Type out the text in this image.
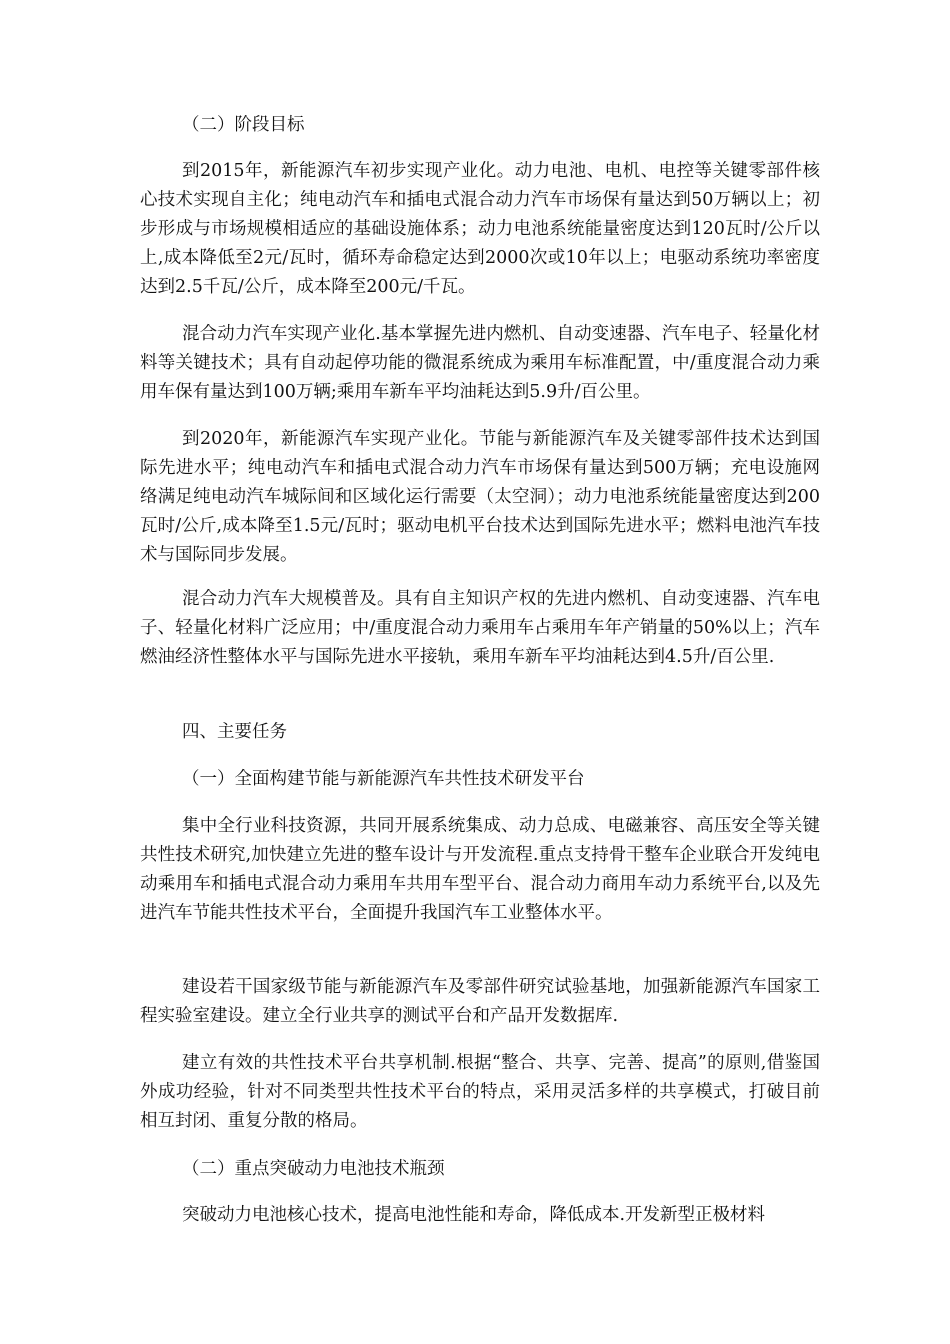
（二）阶段目标

到2015年，新能源汽车初步实现产业化。动力电池、电机、电控等关键零部件核心技术实现自主化；纯电动汽车和插电式混合动力汽车市场保有量达到50万辆以上；初步形成与市场规模相适应的基础设施体系；动力电池系统能量密度达到120瓦时/公斤以上,成本降低至2元/瓦时，循环寿命稳定达到2000次或10年以上；电驱动系统功率密度达到2.5千瓦/公斤，成本降至200元/千瓦。

混合动力汽车实现产业化.基本掌握先进内燃机、自动变速器、汽车电子、轻量化材料等关键技术；具有自动起停功能的微混系统成为乘用车标准配置，中/重度混合动力乘用车保有量达到100万辆;乘用车新车平均油耗达到5.9升/百公里。

到2020年，新能源汽车实现产业化。节能与新能源汽车及关键零部件技术达到国际先进水平；纯电动汽车和插电式混合动力汽车市场保有量达到500万辆；充电设施网络满足纯电动汽车城际间和区域化运行需要（太空洞）；动力电池系统能量密度达到200瓦时/公斤,成本降至1.5元/瓦时；驱动电机平台技术达到国际先进水平；燃料电池汽车技术与国际同步发展。

混合动力汽车大规模普及。具有自主知识产权的先进内燃机、自动变速器、汽车电子、轻量化材料广泛应用；中/重度混合动力乘用车占乘用车年产销量的50%以上；汽车燃油经济性整体水平与国际先进水平接轨，乘用车新车平均油耗达到4.5升/百公里.

四、主要任务

（一）全面构建节能与新能源汽车共性技术研发平台

集中全行业科技资源，共同开展系统集成、动力总成、电磁兼容、高压安全等关键共性技术研究,加快建立先进的整车设计与开发流程.重点支持骨干整车企业联合开发纯电动乘用车和插电式混合动力乘用车共用车型平台、混合动力商用车动力系统平台,以及先进汽车节能共性技术平台，全面提升我国汽车工业整体水平。

建设若干国家级节能与新能源汽车及零部件研究试验基地，加强新能源汽车国家工程实验室建设。建立全行业共享的测试平台和产品开发数据库.

建立有效的共性技术平台共享机制.根据“整合、共享、完善、提高”的原则,借鉴国外成功经验，针对不同类型共性技术平台的特点，采用灵活多样的共享模式，打破目前相互封闭、重复分散的格局。

（二）重点突破动力电池技术瓶颈

突破动力电池核心技术，提高电池性能和寿命，降低成本.开发新型正极材料
